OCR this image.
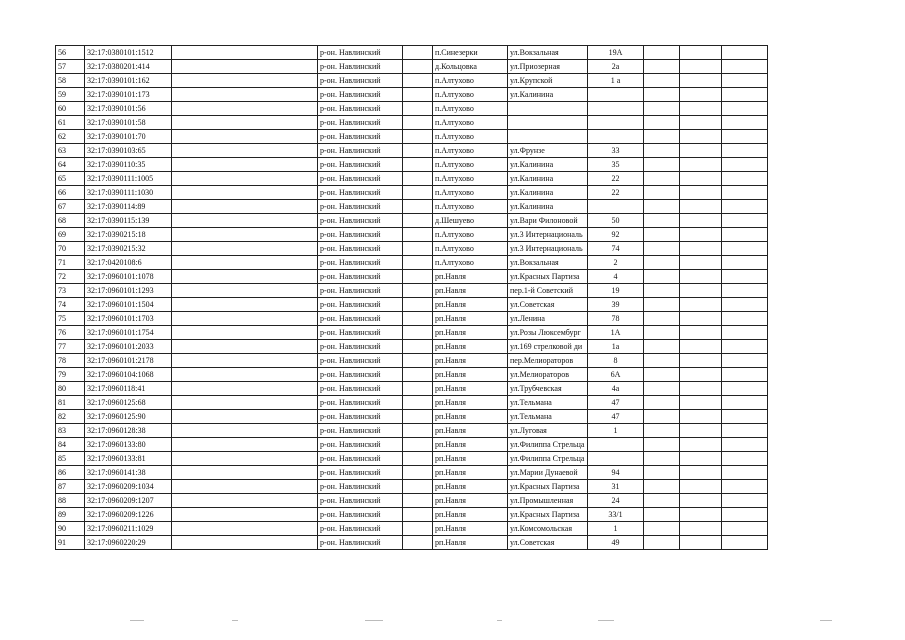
56	32:17:0380101:1512		р-он. Навлинский		п.Синезерки	ул.Вокзальная	19А			
57	32:17:0380201:414		р-он. Навлинский		д.Кольцовка	ул.Приозерная	2а			
58	32:17:0390101:162		р-он. Навлинский		п.Алтухово	ул.Крупской	1 а			
59	32:17:0390101:173		р-он. Навлинский		п.Алтухово	ул.Калинина				
60	32:17:0390101:56		р-он. Навлинский		п.Алтухово					
61	32:17:0390101:58		р-он. Навлинский		п.Алтухово					
62	32:17:0390101:70		р-он. Навлинский		п.Алтухово					
63	32:17:0390103:65		р-он. Навлинский		п.Алтухово	ул.Фрунзе	33			
64	32:17:0390110:35		р-он. Навлинский		п.Алтухово	ул.Калинина	35			
65	32:17:0390111:1005		р-он. Навлинский		п.Алтухово	ул.Калинина	22			
66	32:17:0390111:1030		р-он. Навлинский		п.Алтухово	ул.Калинина	22			
67	32:17:0390114:89		р-он. Навлинский		п.Алтухово	ул.Калинина				
68	32:17:0390115:139		р-он. Навлинский		д.Шешуево	ул.Вари Филоновой	50			
69	32:17:0390215:18		р-он. Навлинский		п.Алтухово	ул.3 Интернациональ	92			
70	32:17:0390215:32		р-он. Навлинский		п.Алтухово	ул.3 Интернациональ	74			
71	32:17:0420108:6		р-он. Навлинский		п.Алтухово	ул.Вокзальная	2			
72	32:17:0960101:1078		р-он. Навлинский		рп.Навля	ул.Красных Партиза	4			
73	32:17:0960101:1293		р-он. Навлинский		рп.Навля	пер.1-й Советский	19			
74	32:17:0960101:1504		р-он. Навлинский		рп.Навля	ул.Советская	39			
75	32:17:0960101:1703		р-он. Навлинский		рп.Навля	ул.Ленина	78			
76	32:17:0960101:1754		р-он. Навлинский		рп.Навля	ул.Розы Люксембург	1А			
77	32:17:0960101:2033		р-он. Навлинский		рп.Навля	ул.169 стрелковой ди	1а			
78	32:17:0960101:2178		р-он. Навлинский		рп.Навля	пер.Мелиораторов	8			
79	32:17:0960104:1068		р-он. Навлинский		рп.Навля	ул.Мелиораторов	6А			
80	32:17:0960118:41		р-он. Навлинский		рп.Навля	ул.Трубчевская	4а			
81	32:17:0960125:68		р-он. Навлинский		рп.Навля	ул.Тельмана	47			
82	32:17:0960125:90		р-он. Навлинский		рп.Навля	ул.Тельмана	47			
83	32:17:0960128:38		р-он. Навлинский		рп.Навля	ул.Луговая	1			
84	32:17:0960133:80		р-он. Навлинский		рп.Навля	ул.Филиппа Стрельца				
85	32:17:0960133:81		р-он. Навлинский		рп.Навля	ул.Филиппа Стрельца				
86	32:17:0960141:38		р-он. Навлинский		рп.Навля	ул.Марии Дунаевой	94			
87	32:17:0960209:1034		р-он. Навлинский		рп.Навля	ул.Красных Партиза	31			
88	32:17:0960209:1207		р-он. Навлинский		рп.Навля	ул.Промышленная	24			
89	32:17:0960209:1226		р-он. Навлинский		рп.Навля	ул.Красных Партиза	33/1			
90	32:17:0960211:1029		р-он. Навлинский		рп.Навля	ул.Комсомольская	1			
91	32:17:0960220:29		р-он. Навлинский		рп.Навля	ул.Советская	49			
